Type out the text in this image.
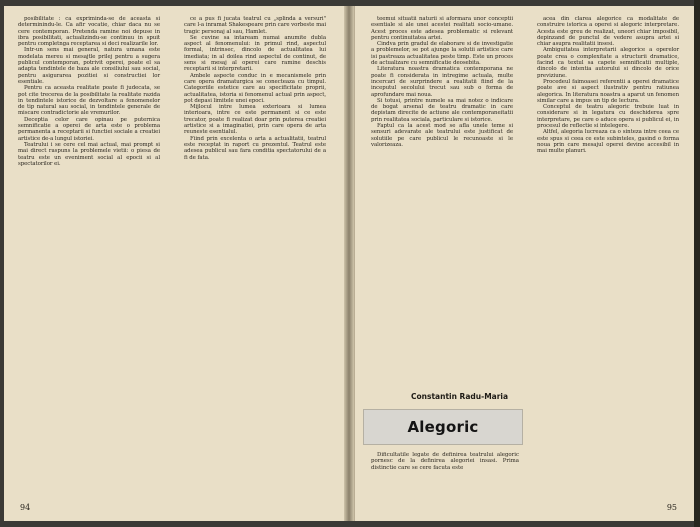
posibilitate : ca expriminda-se de aceasta si determinindu-le. Ca afir vocatie, chiar daca nu se cere contemporan. Pretenda ramine noi depuse in ibra posibilitati, actualizindu-se continuu in spuit pentru completnga receptarea si deci realizarile lor.

Intr-un sens mai general, natura umana este modelata mereu si mesajtle prilej pentru a sugera publicul contemporan, potrivit operei, poate el sa adapta tendintele de baza ale consiliului sau social, pentru asigurarea pozitiei si constructiei lor esentiale.

Pentru ca aceasta realitate poate fi judecata, se pot cite trecerea de la posibilitate la realitate razida in tendintele istorice de dezvoltare a fenomenelor de tip natural sau social, in tendintele generale de miscare contradictorie ale vremurilor.

Deceptia celor care opinau pe puternica semnificatie a operei de arta este o problema permanenta a receptarii si functiei sociale a creatiei artistice de-a lungul istoriei.

Teatrului i se cere cel mai actual, mai prompt si mai direct raspuns la problemele vietii: o piesa de teatru este un eveniment social al epocii si al spectatorilor ei.

ce a pus fi jucata teatrul cu „splinda a versuri" care l-a inramat Shakespeare prin care vorbeste mai tragic personaj al sau, Hamlet.

Se cuvine sa intaream numai anumite dubla aspect al fenomenului: in primul rind, aspectul formal, intrinsec, dincolo de actualitatea lui imediata; in al doilea rind aspectul de continut, de sens si mesaj al operei care ramine deschis receptarii si interpretarii.

Ambele aspecte conduc in e mecanismele prin care opera dramaturgica se conecteaza cu timpul. Categoriile estetice care au specificitate proprii, actualitatea, istoria si fenomenul actual prin aspect, pot depasi limitele unei epoci.

Mijlocul intre lumea exterioara si lumea interioara, intre ce este permanent si ce este trecator, poate fi realizat doar prin puterea creatiei artistice si a imaginatiei, prin care opera de arta reuneste esentialul.

Fiind prin excelenta o arta a actualitatii, teatrul este receptat in raport cu prezentul. Teatrul este adesea publicul sau fara conditia spectatorului de a fi de fata.

94

teemui situatii naturii si aformara unor conceptii esentiale si ale unei acestei realitati socio-umane. Acest proces este adesea problematic si relevant pentru continuitatea artei.

Cindva prin gradul de elaborare si de investigatie a problemelor, se pot ajunge la solutii artistice care isi pastreaza actualitatea peste timp. Este un proces de actualizare cu semnificatie deosebita.

Literatura noastra dramatica contemporana ne poate fi considerata in intregime actuala, multe incercari de surprindere a realitatii fiind de la inceputul secolului trecut sau sub o forma de aprofundare mai noua.

Si totusi, printre numele sa mai notez o indicare de bogat arsenal de teatru dramatic in care depistam direcite de actiune ale contemporaneitatii prin realitatea sociala, particulare si istorice.

Faptul ca la acest mod se afla unele teme si sensuri adevarate ale teatrului este justificat de solutiile pe care publicul le recunoaste si le valorizeaza.

Constantin Radu-Maria
Alegoric

Dificultatile legate de definirea teatrului alegoric pornesc de la definirea alegoriei insasi. Prima distinctie care se cere facuta este

acea din clarea alegorice ca modalitate de construire istorica a operei si alegoric interpretare. Acesta este greu de realizat, uneori chiar imposibil, depinzand de punctul de vedere asupra artei si chiar asupra realitatii insesi.

Ambiguitatea interpretarii alegorice a operelor poate crea o complexitate a structurii dramatice, facind ca textul sa capete semnificatii multiple, dincolo de intentia autorului si dincolo de orice previziune.

Procedeul faimoasei referentii a operei dramatice poate ave si aspect ilustrativ pentru ratiunea alegorica. In literatura noastra a aparut un fenomen similar care a impus un tip de lectura.

Conceptul de teatru alegoric trebuie luat in considerare si in legatura cu deschiderea spre interpretare, pe care o aduce opera si publicul ei, in procesul de reflectie si intelegere.

Altfel, alegoria lucreaza ca o sinteza intre ceea ce este spus si ceea ce este subinteles, gasind o forma noua prin care mesajul operei devine accesibil in mai multe planuri.

95
